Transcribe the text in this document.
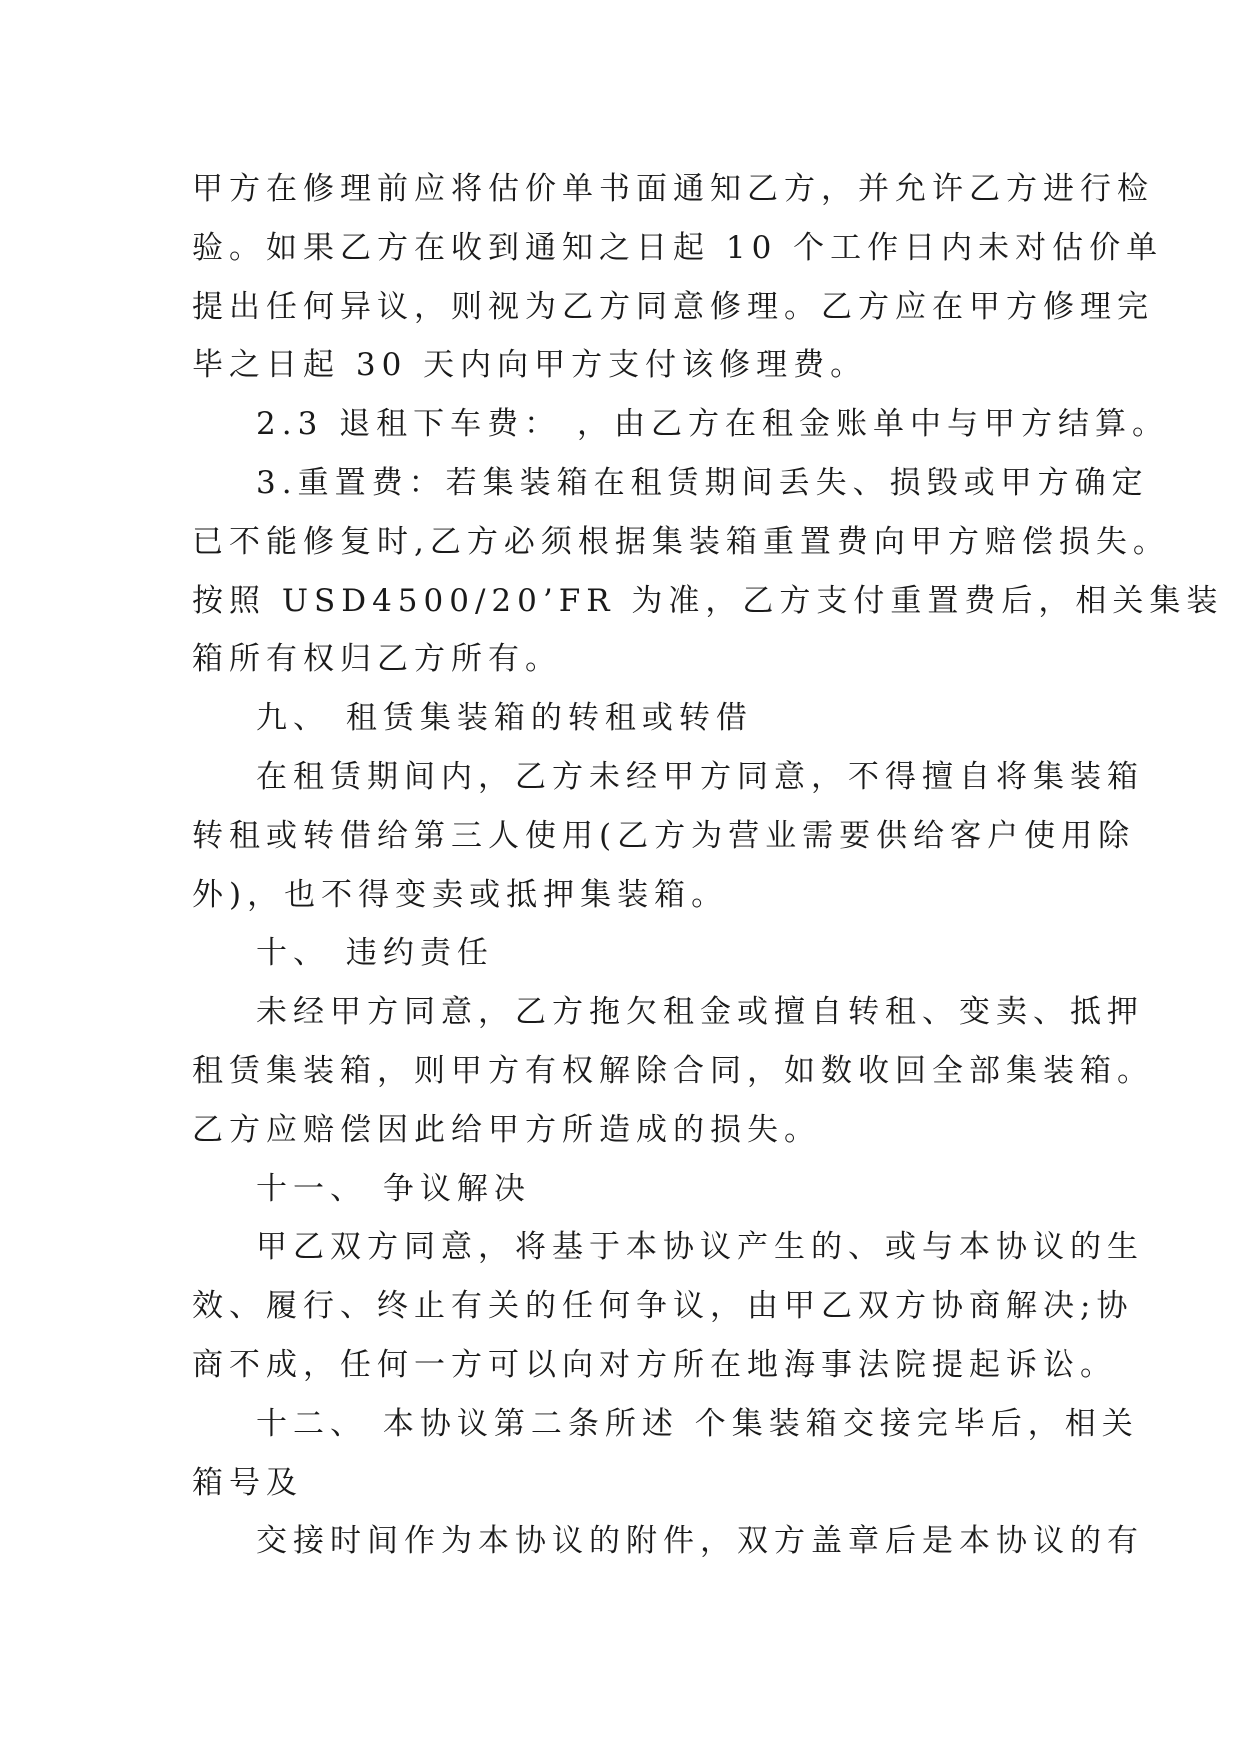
甲方在修理前应将估价单书面通知乙方，并允许乙方进行检
验。如果乙方在收到通知之日起 10 个工作日内未对估价单
提出任何异议，则视为乙方同意修理。乙方应在甲方修理完
毕之日起 30 天内向甲方支付该修理费。
2.3 退租下车费： ，由乙方在租金账单中与甲方结算。
3.重置费：若集装箱在租赁期间丢失、损毁或甲方确定
已不能修复时,乙方必须根据集装箱重置费向甲方赔偿损失。
按照 USD4500/20’FR 为准，乙方支付重置费后，相关集装
箱所有权归乙方所有。
九、 租赁集装箱的转租或转借
在租赁期间内，乙方未经甲方同意，不得擅自将集装箱
转租或转借给第三人使用(乙方为营业需要供给客户使用除
外)，也不得变卖或抵押集装箱。
十、 违约责任
未经甲方同意，乙方拖欠租金或擅自转租、变卖、抵押
租赁集装箱，则甲方有权解除合同，如数收回全部集装箱。
乙方应赔偿因此给甲方所造成的损失。
十一、 争议解决
甲乙双方同意，将基于本协议产生的、或与本协议的生
效、履行、终止有关的任何争议，由甲乙双方协商解决;协
商不成，任何一方可以向对方所在地海事法院提起诉讼。
十二、 本协议第二条所述 个集装箱交接完毕后，相关
箱号及
交接时间作为本协议的附件，双方盖章后是本协议的有
